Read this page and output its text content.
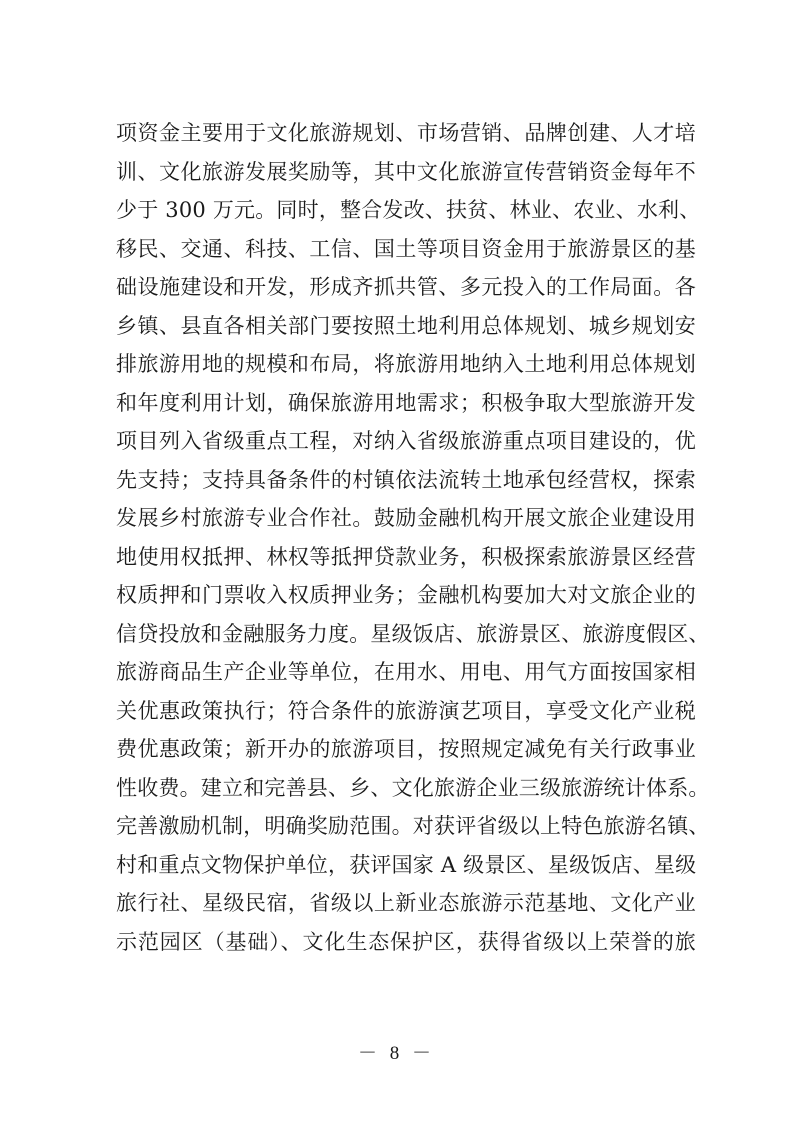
项资金主要用于文化旅游规划、市场营销、品牌创建、人才培
训、文化旅游发展奖励等，其中文化旅游宣传营销资金每年不
少于 300 万元。同时，整合发改、扶贫、林业、农业、水利、
移民、交通、科技、工信、国土等项目资金用于旅游景区的基
础设施建设和开发，形成齐抓共管、多元投入的工作局面。各
乡镇、县直各相关部门要按照土地利用总体规划、城乡规划安
排旅游用地的规模和布局，将旅游用地纳入土地利用总体规划
和年度利用计划，确保旅游用地需求；积极争取大型旅游开发
项目列入省级重点工程，对纳入省级旅游重点项目建设的，优
先支持；支持具备条件的村镇依法流转土地承包经营权，探索
发展乡村旅游专业合作社。鼓励金融机构开展文旅企业建设用
地使用权抵押、林权等抵押贷款业务，积极探索旅游景区经营
权质押和门票收入权质押业务；金融机构要加大对文旅企业的
信贷投放和金融服务力度。星级饭店、旅游景区、旅游度假区、
旅游商品生产企业等单位，在用水、用电、用气方面按国家相
关优惠政策执行；符合条件的旅游演艺项目，享受文化产业税
费优惠政策；新开办的旅游项目，按照规定减免有关行政事业
性收费。建立和完善县、乡、文化旅游企业三级旅游统计体系。
完善激励机制，明确奖励范围。对获评省级以上特色旅游名镇、
村和重点文物保护单位，获评国家 A 级景区、星级饭店、星级
旅行社、星级民宿，省级以上新业态旅游示范基地、文化产业
示范园区（基础）、文化生态保护区，获得省级以上荣誉的旅
－ 8 －
